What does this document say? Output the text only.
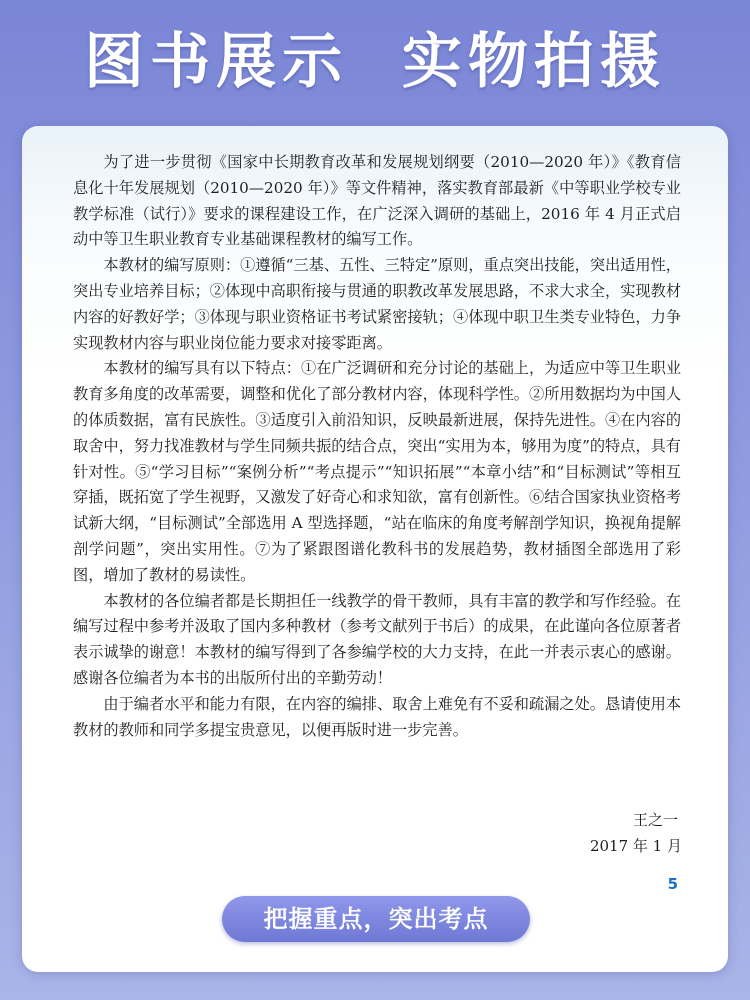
图书展示  实物拍摄

为了进一步贯彻《国家中长期教育改革和发展规划纲要（2010—2020 年）》《教育信息化十年发展规划（2010—2020 年）》等文件精神，落实教育部最新《中等职业学校专业教学标准（试行）》要求的课程建设工作，在广泛深入调研的基础上，2016 年 4 月正式启动中等卫生职业教育专业基础课程教材的编写工作。

本教材的编写原则：①遵循“三基、五性、三特定”原则，重点突出技能，突出适用性，突出专业培养目标；②体现中高职衔接与贯通的职教改革发展思路，不求大求全，实现教材内容的好教好学；③体现与职业资格证书考试紧密接轨；④体现中职卫生类专业特色，力争实现教材内容与职业岗位能力要求对接零距离。

本教材的编写具有以下特点：①在广泛调研和充分讨论的基础上，为适应中等卫生职业教育多角度的改革需要，调整和优化了部分教材内容，体现科学性。②所用数据均为中国人的体质数据，富有民族性。③适度引入前沿知识，反映最新进展，保持先进性。④在内容的取舍中，努力找准教材与学生同频共振的结合点，突出“实用为本，够用为度”的特点，具有针对性。⑤“学习目标”“案例分析”“考点提示”“知识拓展”“本章小结”和“目标测试”等相互穿插，既拓宽了学生视野，又激发了好奇心和求知欲，富有创新性。⑥结合国家执业资格考试新大纲，“目标测试”全部选用 A 型选择题，“站在临床的角度考解剖学知识，换视角提解剖学问题”，突出实用性。⑦为了紧跟图谱化教科书的发展趋势，教材插图全部选用了彩图，增加了教材的易读性。

本教材的各位编者都是长期担任一线教学的骨干教师，具有丰富的教学和写作经验。在编写过程中参考并汲取了国内多种教材（参考文献列于书后）的成果，在此谨向各位原著者表示诚挚的谢意！本教材的编写得到了各参编学校的大力支持，在此一并表示衷心的感谢。感谢各位编者为本书的出版所付出的辛勤劳动！

由于编者水平和能力有限，在内容的编排、取舍上难免有不妥和疏漏之处。恳请使用本教材的教师和同学多提宝贵意见，以便再版时进一步完善。

王之一
2017 年 1 月
5
把握重点，突出考点
